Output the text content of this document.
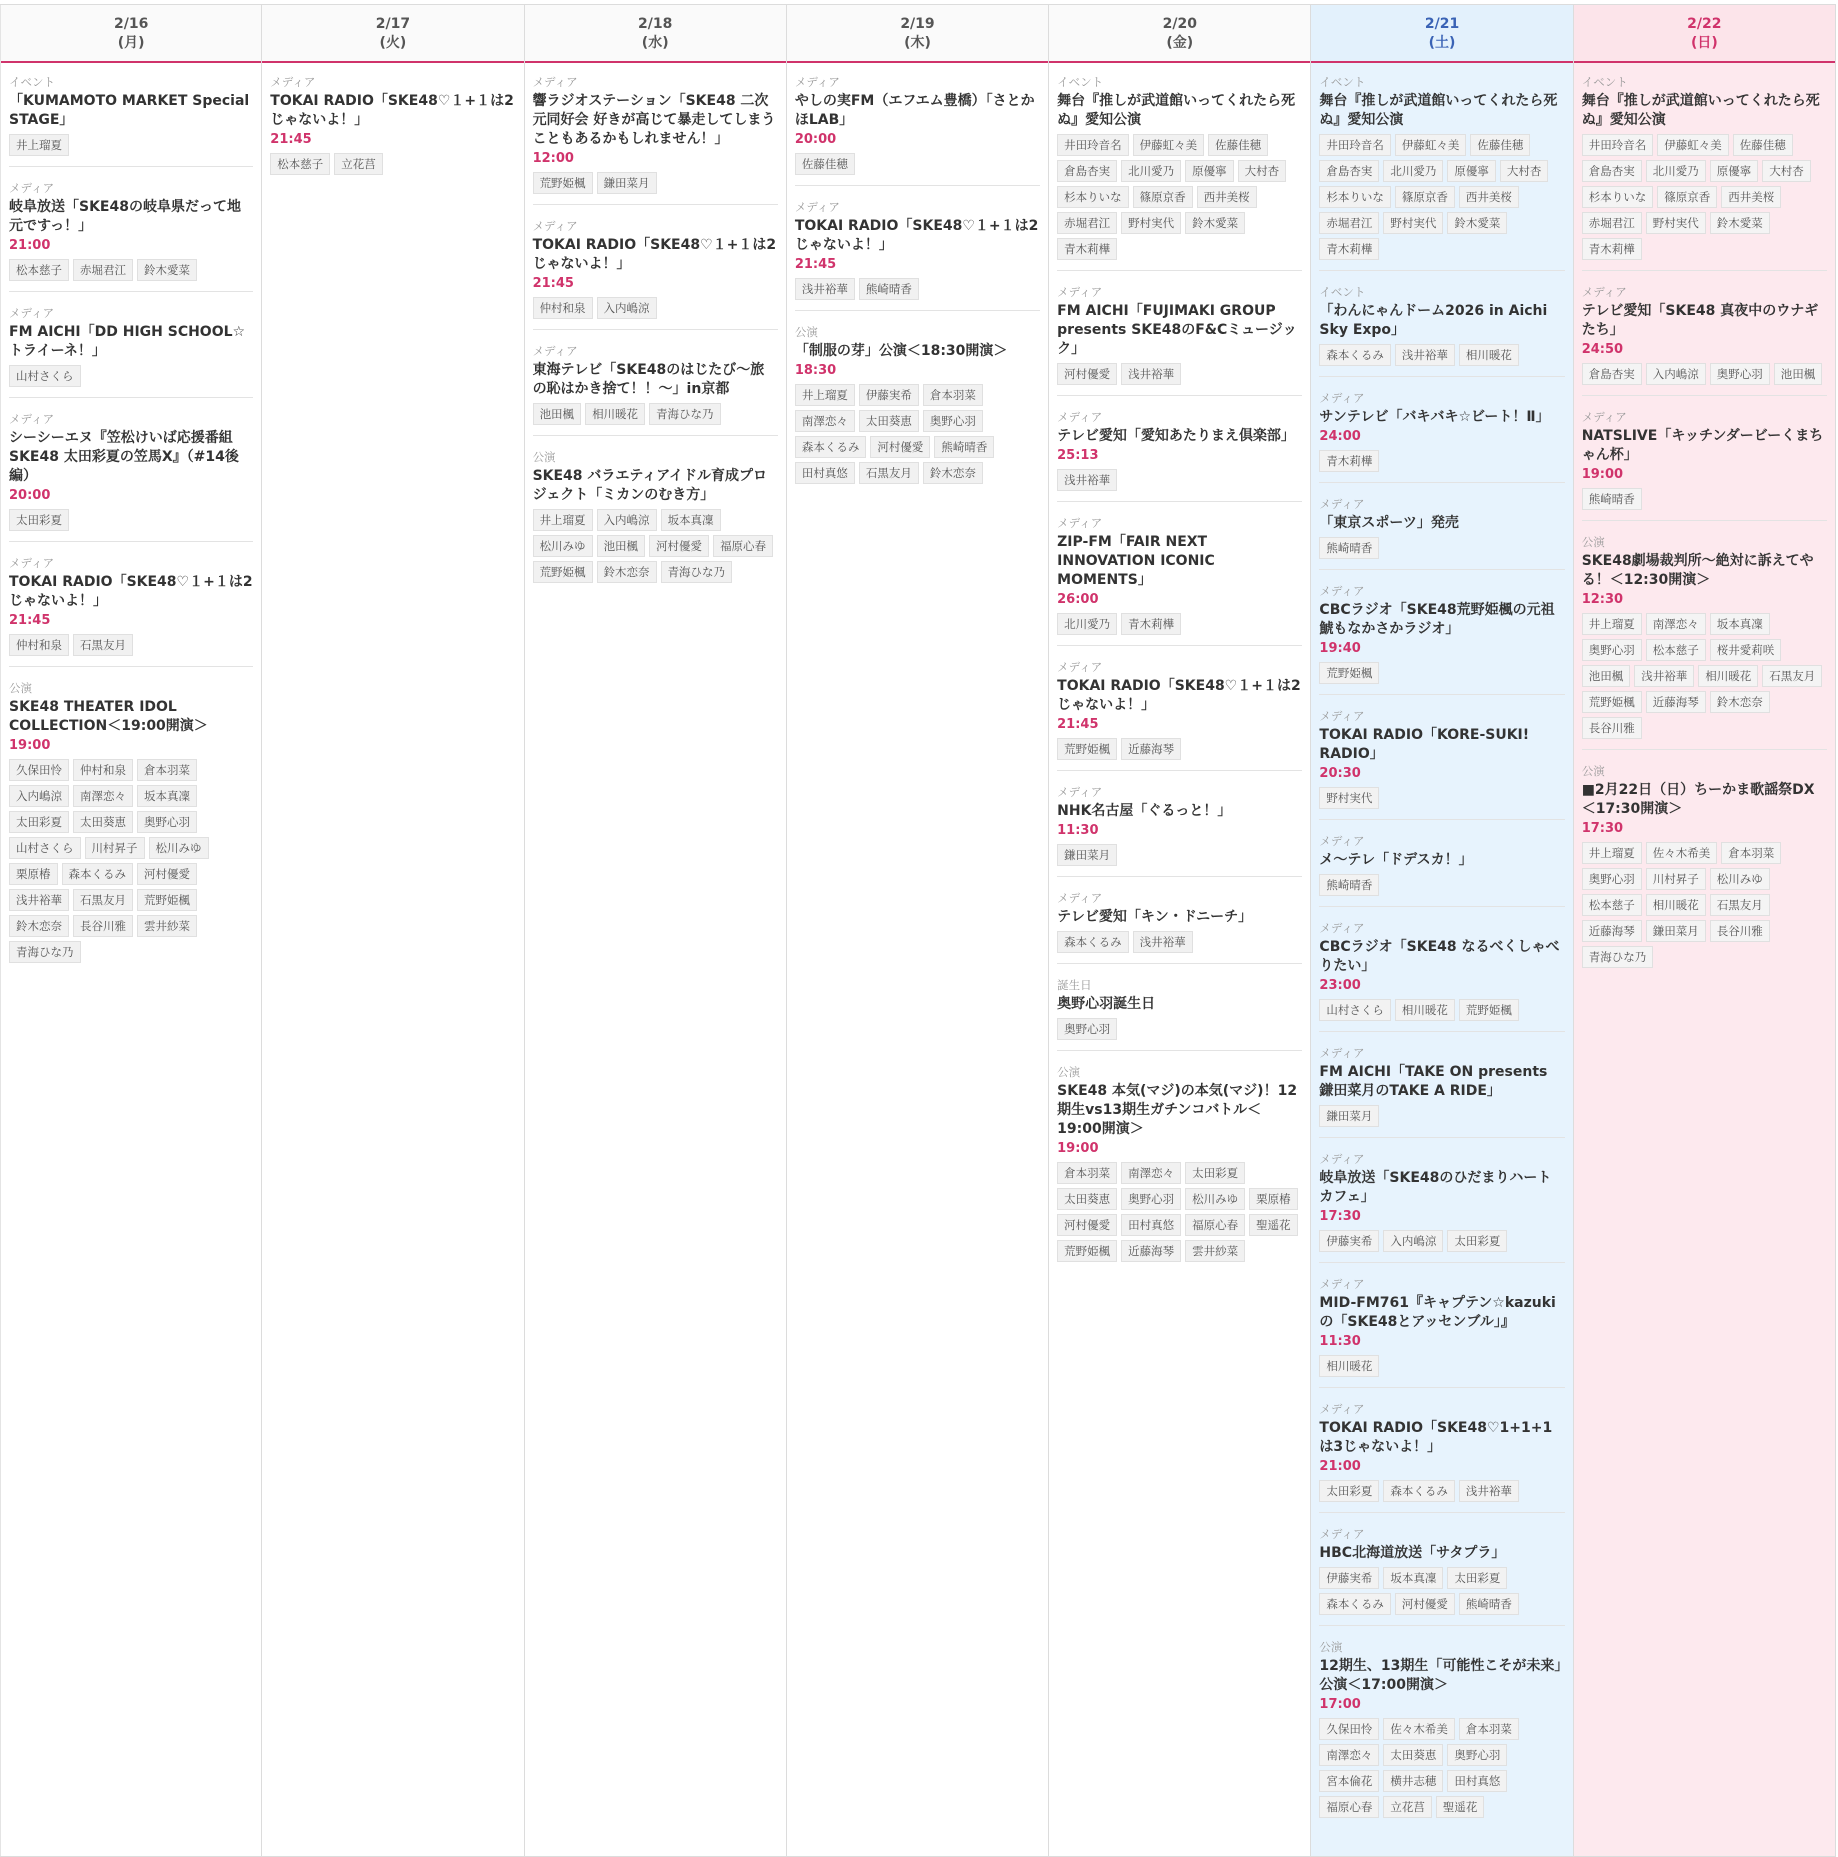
2/16
(月)
イベント
「KUMAMOTO MARKET Special STAGE」
井上瑠夏
メディア
岐阜放送「SKE48の岐阜県だって地元ですっ！」
21:00
松本慈子	赤堀君江	鈴木愛菜
メディア
FM AICHI「DD HIGH SCHOOL☆トライーネ！」
山村さくら
メディア
シーシーエヌ『笠松けいば応援番組SKE48 太田彩夏の笠馬X』（#14後編）
20:00
太田彩夏
メディア
TOKAI RADIO「SKE48♡１+１は2じゃないよ！」
21:45
仲村和泉	石黒友月
公演
SKE48 THEATER IDOL COLLECTION＜19:00開演＞
19:00
久保田怜	仲村和泉	倉本羽菜
入内嶋涼	南澤恋々	坂本真凜
太田彩夏	太田葵恵	奥野心羽
山村さくら	川村昇子	松川みゆ
栗原椿	森本くるみ	河村優愛
浅井裕華	石黒友月	荒野姫楓
鈴木恋奈	長谷川雅	雲井紗菜
青海ひな乃
2/17
(火)
メディア
TOKAI RADIO「SKE48♡１+１は2じゃないよ！」
21:45
松本慈子	立花莒
2/18
(水)
メディア
響ラジオステーション「SKE48 二次元同好会 好きが高じて暴走してしまうこともあるかもしれません！」
12:00
荒野姫楓	鎌田菜月
メディア
TOKAI RADIO「SKE48♡１+１は2じゃないよ！」
21:45
仲村和泉	入内嶋涼
メディア
東海テレビ「SKE48のはじたび～旅の恥はかき捨て！！～」in京都
池田楓	相川暖花	青海ひな乃
公演
SKE48 バラエティアイドル育成プロジェクト「ミカンのむき方」
井上瑠夏	入内嶋涼	坂本真凜
松川みゆ	池田楓	河村優愛	福原心春
荒野姫楓	鈴木恋奈	青海ひな乃
2/19
(木)
メディア
やしの実FM（エフエム豊橋）「さとかほLAB」
20:00
佐藤佳穂
メディア
TOKAI RADIO「SKE48♡１+１は2じゃないよ！」
21:45
浅井裕華	熊崎晴香
公演
「制服の芽」公演＜18:30開演＞
18:30
井上瑠夏	伊藤実希	倉本羽菜
南澤恋々	太田葵恵	奥野心羽
森本くるみ	河村優愛	熊崎晴香
田村真悠	石黒友月	鈴木恋奈
2/20
(金)
イベント
舞台『推しが武道館いってくれたら死ぬ』愛知公演
井田玲音名	伊藤虹々美	佐藤佳穂
倉島杏実	北川愛乃	原優寧	大村杏
杉本りいな	篠原京香	西井美桜
赤堀君江	野村実代	鈴木愛菜
青木莉樺
メディア
FM AICHI「FUJIMAKI GROUP presents SKE48のF&Cミュージック」
河村優愛	浅井裕華
メディア
テレビ愛知「愛知あたりまえ倶楽部」
25:13
浅井裕華
メディア
ZIP-FM「FAIR NEXT INNOVATION ICONIC MOMENTS」
26:00
北川愛乃	青木莉樺
メディア
TOKAI RADIO「SKE48♡１+１は2じゃないよ！」
21:45
荒野姫楓	近藤海琴
メディア
NHK名古屋「ぐるっと！」
11:30
鎌田菜月
メディア
テレビ愛知「キン・ドニーチ」
森本くるみ	浅井裕華
誕生日
奥野心羽誕生日
奥野心羽
公演
SKE48 本気(マジ)の本気(マジ)！12期生vs13期生ガチンコバトル＜19:00開演＞
19:00
倉本羽菜	南澤恋々	太田彩夏
太田葵恵	奥野心羽	松川みゆ	栗原椿
河村優愛	田村真悠	福原心春	聖遥花
荒野姫楓	近藤海琴	雲井紗菜
2/21
(土)
イベント
舞台『推しが武道館いってくれたら死ぬ』愛知公演
井田玲音名	伊藤虹々美	佐藤佳穂
倉島杏実	北川愛乃	原優寧	大村杏
杉本りいな	篠原京香	西井美桜
赤堀君江	野村実代	鈴木愛菜
青木莉樺
イベント
「わんにゃんドーム2026 in Aichi Sky Expo」
森本くるみ	浅井裕華	相川暖花
メディア
サンテレビ「バキバキ☆ビート！Ⅱ」
24:00
青木莉樺
メディア
「東京スポーツ」発売
熊崎晴香
メディア
CBCラジオ「SKE48荒野姫楓の元祖鯱もなかさかラジオ」
19:40
荒野姫楓
メディア
TOKAI RADIO「KORE-SUKI! RADIO」
20:30
野村実代
メディア
メ～テレ「ドデスカ！」
熊崎晴香
メディア
CBCラジオ「SKE48 なるべくしゃべりたい」
23:00
山村さくら	相川暖花	荒野姫楓
メディア
FM AICHI「TAKE ON presents 鎌田菜月のTAKE A RIDE」
鎌田菜月
メディア
岐阜放送「SKE48のひだまりハートカフェ」
17:30
伊藤実希	入内嶋涼	太田彩夏
メディア
MID-FM761『キャプテン☆kazukiの「SKE48とアッセンブル」』
11:30
相川暖花
メディア
TOKAI RADIO「SKE48♡1+1+1は3じゃないよ！」
21:00
太田彩夏	森本くるみ	浅井裕華
メディア
HBC北海道放送「サタプラ」
伊藤実希	坂本真凜	太田彩夏
森本くるみ	河村優愛	熊崎晴香
公演
12期生、13期生「可能性こそが未来」公演＜17:00開演＞
17:00
久保田怜	佐々木希美	倉本羽菜
南澤恋々	太田葵恵	奥野心羽
宮本倫花	横井志穂	田村真悠
福原心春	立花莒	聖遥花
2/22
(日)
イベント
舞台『推しが武道館いってくれたら死ぬ』愛知公演
井田玲音名	伊藤虹々美	佐藤佳穂
倉島杏実	北川愛乃	原優寧	大村杏
杉本りいな	篠原京香	西井美桜
赤堀君江	野村実代	鈴木愛菜
青木莉樺
メディア
テレビ愛知「SKE48 真夜中のウナギたち」
24:50
倉島杏実	入内嶋涼	奥野心羽	池田楓
メディア
NATSLIVE「キッチンダービーくまちゃん杯」
19:00
熊崎晴香
公演
SKE48劇場裁判所～絶対に訴えてやる！＜12:30開演＞
12:30
井上瑠夏	南澤恋々	坂本真凜
奥野心羽	松本慈子	桜井愛莉咲
池田楓	浅井裕華	相川暖花	石黒友月
荒野姫楓	近藤海琴	鈴木恋奈
長谷川雅
公演
■2月22日（日）ちーかま歌謡祭DX＜17:30開演＞
17:30
井上瑠夏	佐々木希美	倉本羽菜
奥野心羽	川村昇子	松川みゆ
松本慈子	相川暖花	石黒友月
近藤海琴	鎌田菜月	長谷川雅
青海ひな乃
